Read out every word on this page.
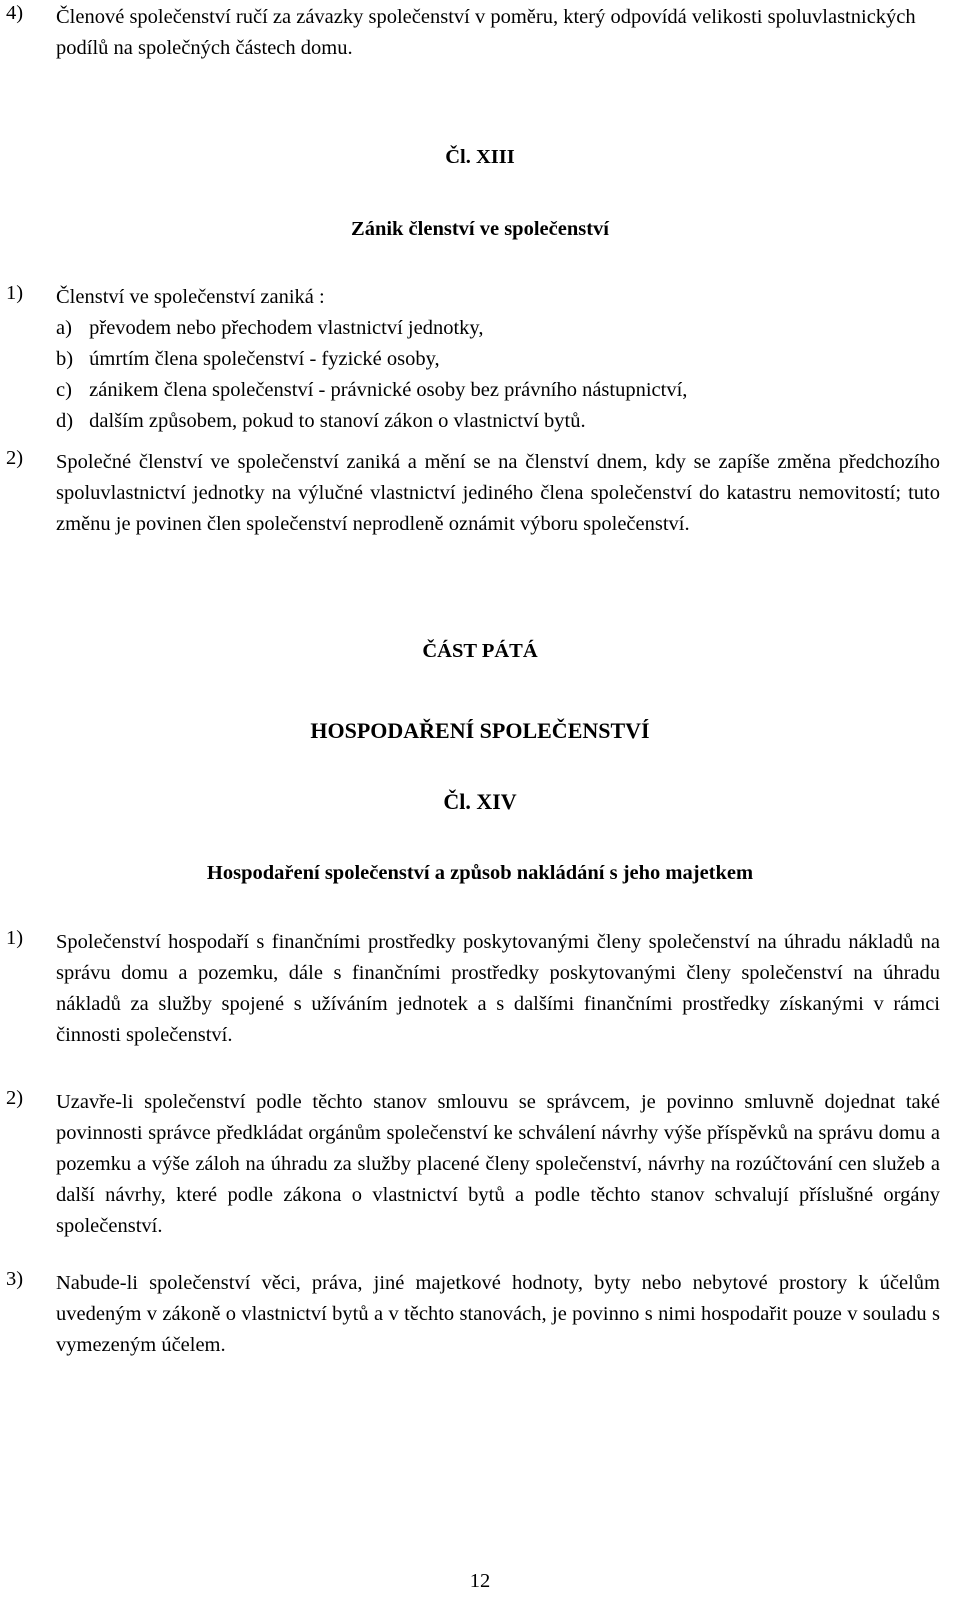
4)	Členové společenství ručí za závazky společenství v poměru, který odpovídá velikosti spoluvlastnických podílů na společných částech domu.
Čl. XIII
Zánik členství ve společenství
1)	Členství ve společenství zaniká :
a) převodem nebo přechodem vlastnictví jednotky,
b) úmrtím člena společenství - fyzické osoby,
c) zánikem člena společenství - právnické osoby bez právního nástupnictví,
d) dalším způsobem, pokud to stanoví zákon o vlastnictví bytů.
2)	Společné členství ve společenství zaniká a mění se na členství dnem, kdy se zapíše změna předchozího spoluvlastnictví jednotky na výlučné vlastnictví jediného člena společenství do katastru nemovitostí; tuto změnu je povinen člen společenství neprodleně oznámit výboru společenství.
ČÁST PÁTÁ
HOSPODAŘENÍ SPOLEČENSTVÍ
Čl. XIV
Hospodaření společenství a způsob nakládání s jeho majetkem
1)	Společenství hospodaří s finančními prostředky poskytovanými členy společenství na úhradu nákladů na správu domu a pozemku, dále s finančními prostředky poskytovanými členy společenství na úhradu nákladů za služby spojené s užíváním jednotek a s dalšími finančními prostředky získanými v rámci činnosti společenství.
2)	Uzavře-li společenství podle těchto stanov smlouvu se správcem, je povinno smluvně dojednat také povinnosti správce předkládat orgánům společenství ke schválení návrhy výše příspěvků na správu domu a pozemku a výše záloh na úhradu za služby placené členy společenství, návrhy na rozúčtování cen služeb a další návrhy, které podle zákona o vlastnictví bytů a podle těchto stanov schvalují příslušné orgány společenství.
3)	Nabude-li společenství věci, práva, jiné majetkové hodnoty, byty nebo nebytové prostory k účelům uvedeným v zákoně o vlastnictví bytů a v těchto stanovách, je povinno s nimi hospodařit pouze v souladu s vymezeným účelem.
12
